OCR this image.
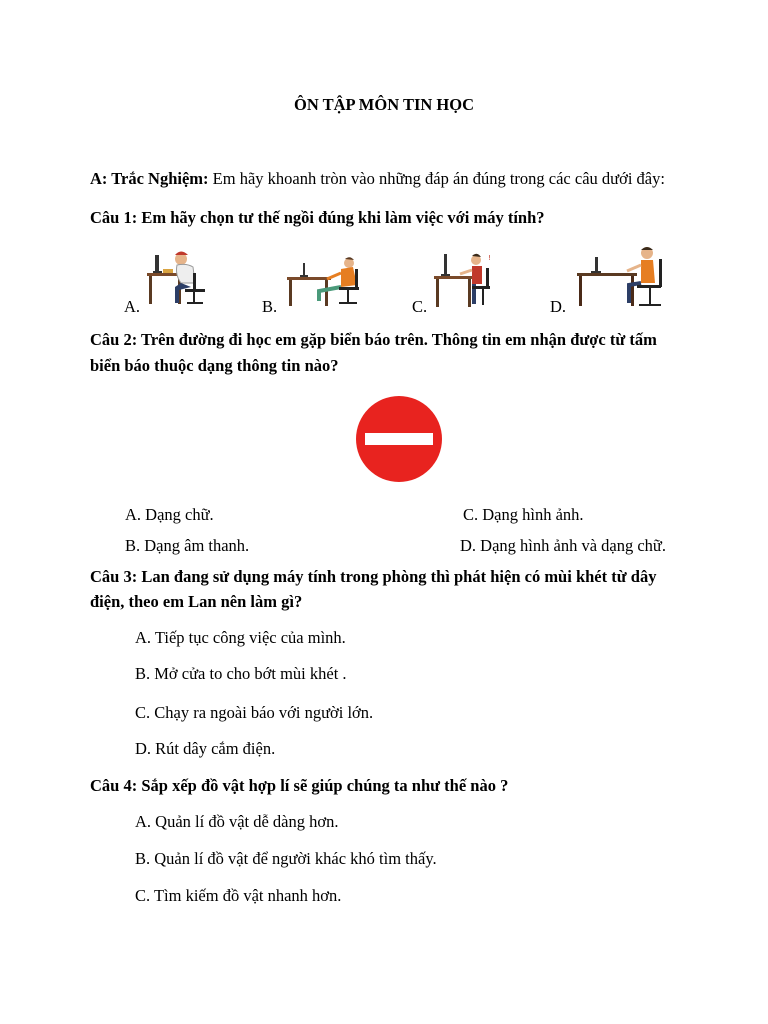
ÔN TẬP MÔN TIN HỌC
A: Trắc Nghiệm: Em hãy khoanh tròn vào những đáp án đúng trong các câu dưới đây:
Câu 1: Em hãy chọn tư thế ngồi đúng khi làm việc với máy tính?
!
A.	B.	C.	D.
Câu 2: Trên đường đi học em gặp biển báo trên. Thông tin em nhận được từ tấm
biển báo thuộc dạng thông tin nào?
A. Dạng chữ.	C. Dạng hình ảnh.
B. Dạng âm thanh.	D. Dạng hình ảnh và dạng chữ.
Câu 3: Lan đang sử dụng máy tính trong phòng thì phát hiện có mùi khét từ dây
điện, theo em Lan nên làm gì?
A. Tiếp tục công việc của mình.
B. Mở cửa to cho bớt mùi khét .
C. Chạy ra ngoài báo với người lớn.
D. Rút dây cắm điện.
Câu 4: Sắp xếp đồ vật hợp lí sẽ giúp chúng ta như thế nào ?
A. Quản lí đồ vật dễ dàng hơn.
B. Quản lí đồ vật để người khác khó tìm thấy.
C. Tìm kiếm đồ vật nhanh hơn.
